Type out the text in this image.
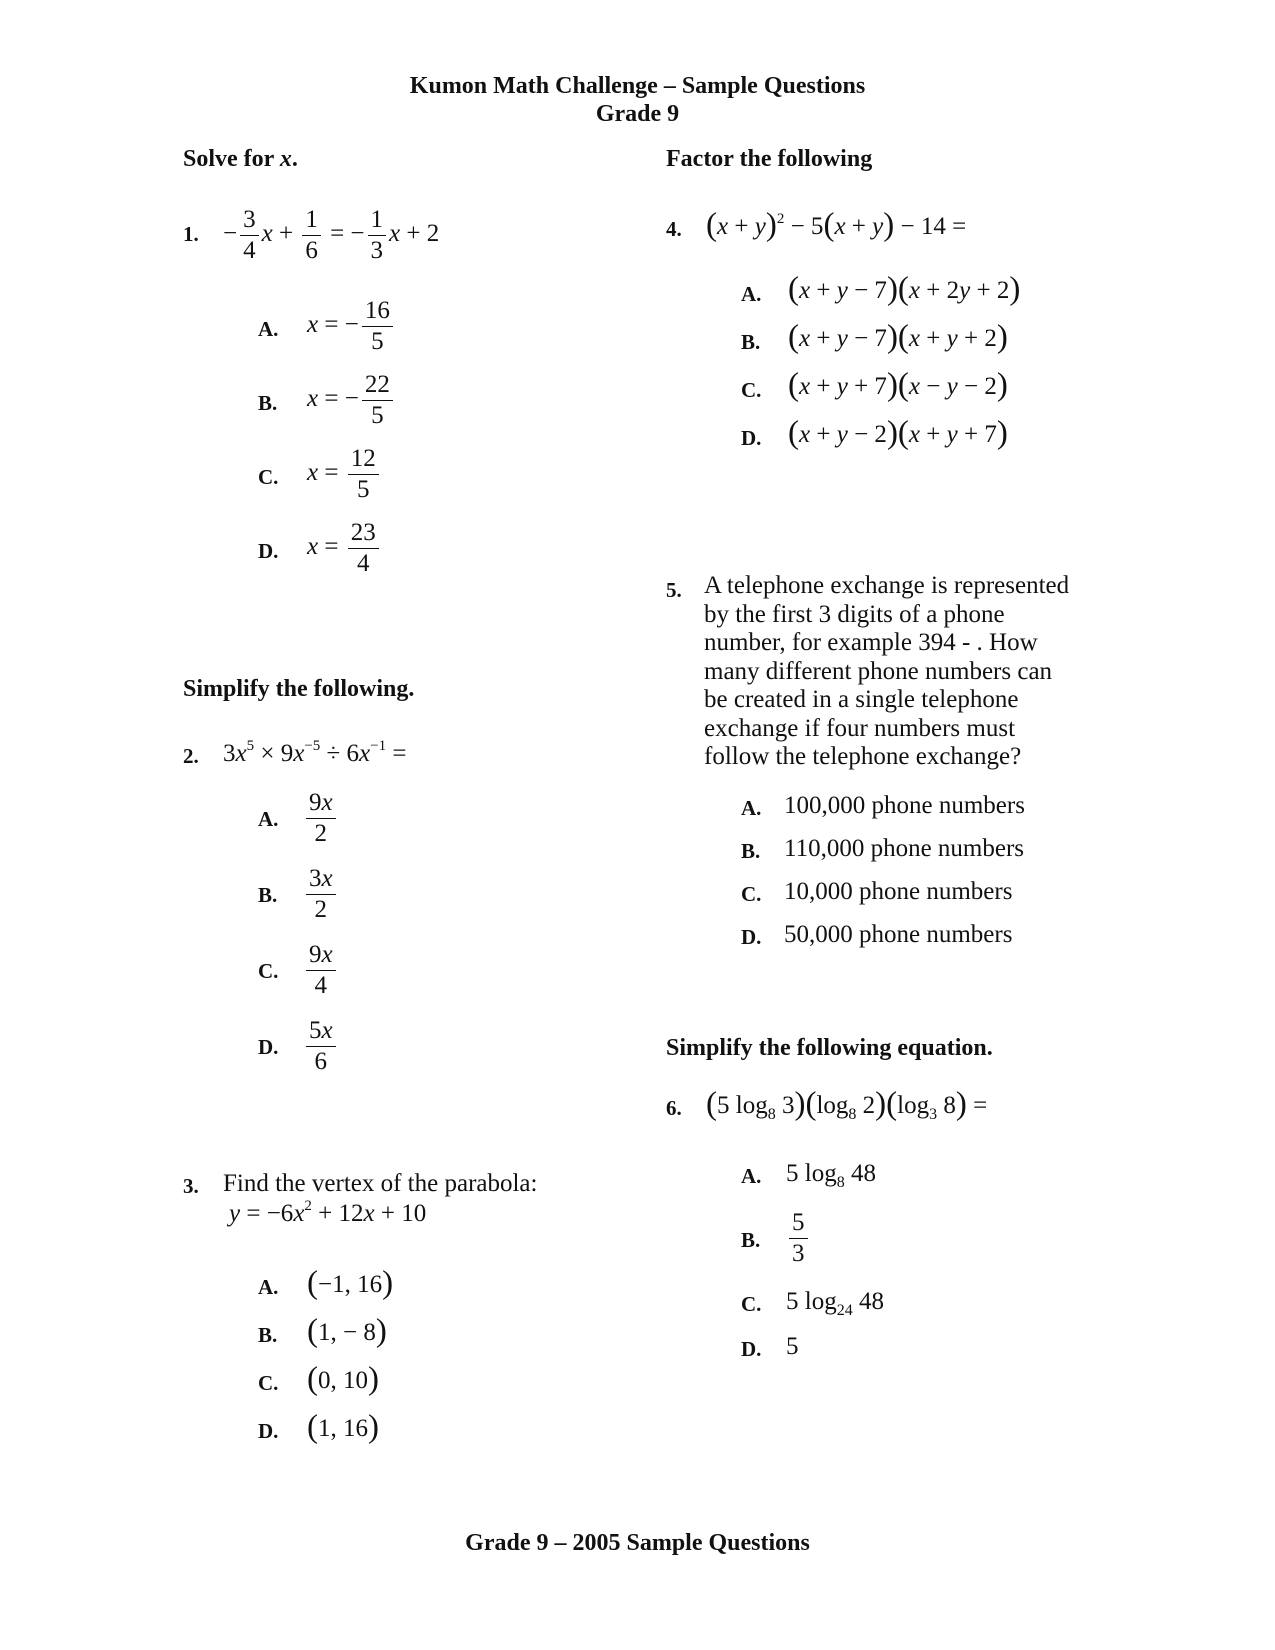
Kumon Math Challenge – Sample Questions
Grade 9
Solve for x.
1. − $\frac{3}{4}$ $x + \frac{1}{6}$ = − $\frac{1}{3}$ x + 2
A. x = − $\frac{16}{5}$
B. x = − $\frac{22}{5}$
C. $x = \frac{12}{5}$
D. $x = \frac{23}{4}$
Simplify the following.
2. $3x^5 \times 9x^{-5} \div 6x^{-1}$ =
A. $\frac{9x}{2}$
B. $\frac{3x}{2}$
C. $\frac{9x}{4}$
D. $\frac{5x}{6}$
3. Find the vertex of the parabola:
$y = -6x^2 + 12x + 10$
A. (−1, 16)
B. (1, − 8)
C. (0, 10)
D. (1, 16)
Factor the following
4. $(x + y)^2 - 5(x + y) - 14$ =
A. (x + y − 7)(x + 2y + 2)
B. (x + y − 7)(x + y + 2)
C. (x + y + 7)(x − y − 2)
D. (x + y − 2)(x + y + 7)
5. A telephone exchange is represented
by the first 3 digits of a phone
number, for example 394 - . How
many different phone numbers can
be created in a single telephone
exchange if four numbers must
follow the telephone exchange?
A. 100,000 phone numbers
B. 110,000 phone numbers
C. 10,000 phone numbers
D. 50,000 phone numbers
Simplify the following equation.
6. (5 $\log_8 3)(\log_8$ $2)(\log_3$ 8) =
A. 5 $\log_8 48$
B. $\frac{5}{3}$
C. 5 $\log_{24} 48$
D. 5
Grade 9 – 2005 Sample Questions
